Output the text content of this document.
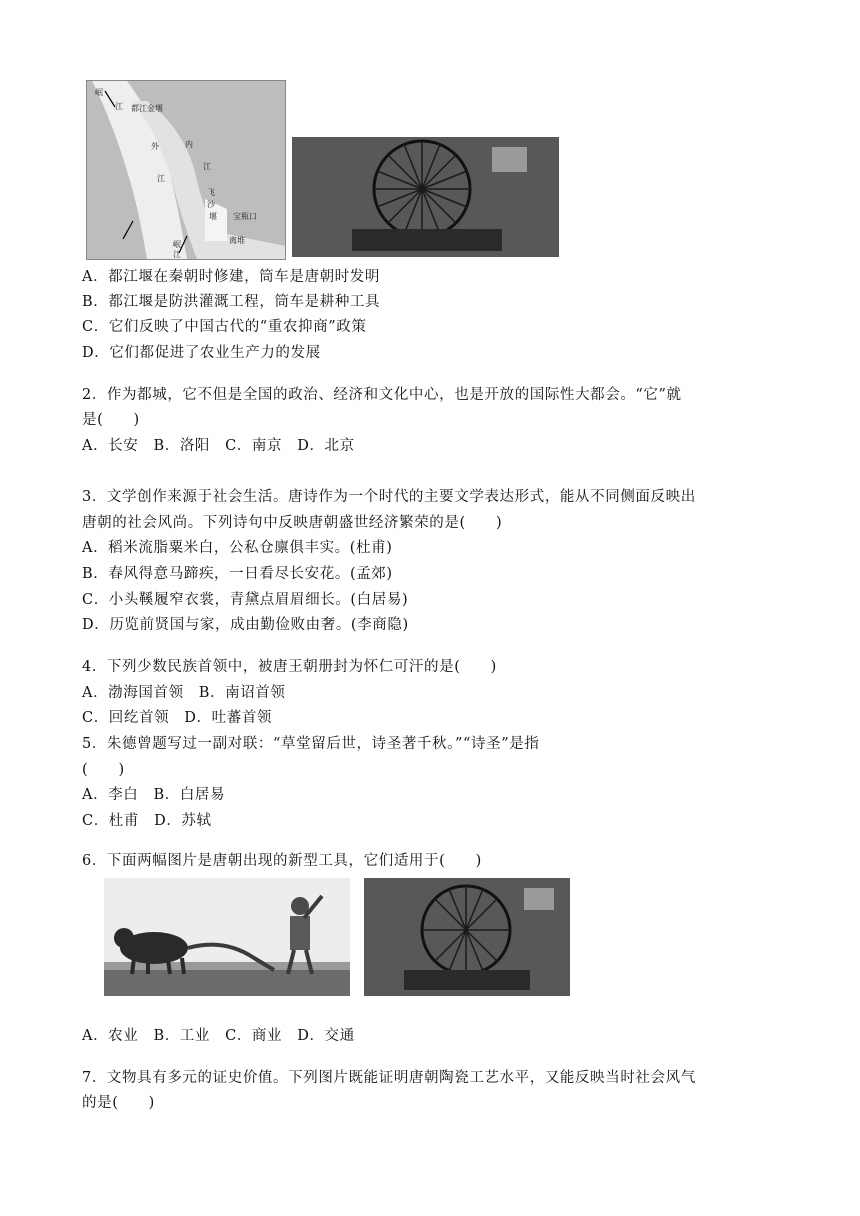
岷
江 都江金堰
外	内
江
江
飞
沙
堰 宝瓶口
离堆
岷
江
A．都江堰在秦朝时修建，筒车是唐朝时发明
B．都江堰是防洪灌溉工程，筒车是耕种工具
C．它们反映了中国古代的“重农抑商”政策
D．它们都促进了农业生产力的发展
2．作为都城，它不但是全国的政治、经济和文化中心，也是开放的国际性大都会。“它”就
是(　　)
A．长安　B．洛阳　C．南京　D．北京
3．文学创作来源于社会生活。唐诗作为一个时代的主要文学表达形式，能从不同侧面反映出
唐朝的社会风尚。下列诗句中反映唐朝盛世经济繁荣的是(　　)
A．稻米流脂粟米白，公私仓廪俱丰实。(杜甫)
B．春风得意马蹄疾，一日看尽长安花。(孟郊)
C．小头鞵履窄衣裳，青黛点眉眉细长。(白居易)
D．历览前贤国与家，成由勤俭败由奢。(李商隐)
4．下列少数民族首领中，被唐王朝册封为怀仁可汗的是(　　)
A．渤海国首领　B．南诏首领
C．回纥首领　D．吐蕃首领
5．朱德曾题写过一副对联：“草堂留后世，诗圣著千秋。”“诗圣”是指
(　　)
A．李白　B．白居易
C．杜甫　D．苏轼
6．下面两幅图片是唐朝出现的新型工具，它们适用于(　　)
A．农业　B．工业　C．商业　D．交通
7．文物具有多元的证史价值。下列图片既能证明唐朝陶瓷工艺水平，又能反映当时社会风气
的是(　　)
